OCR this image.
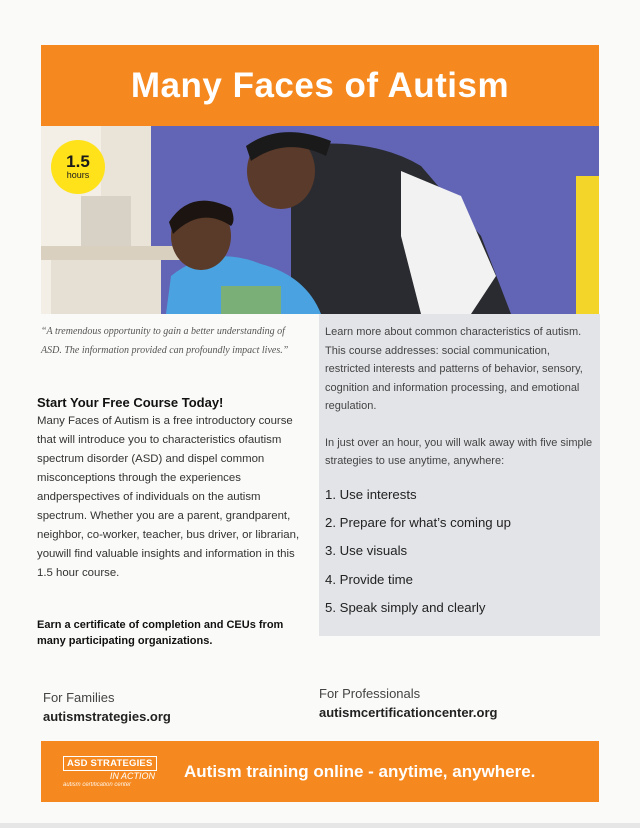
Many Faces of Autism
1.5
hours
“A tremendous opportunity to gain a better understanding of ASD. The information provided can profoundly impact lives.”
Start Your Free Course Today!

Many Faces of Autism is a free introductory course that will introduce you to characteristics ofautism spectrum disorder (ASD) and dispel common misconceptions through the experiences andperspectives of individuals on the autism spectrum. Whether you are a parent, grandparent, neighbor, co-worker, teacher, bus driver, or librarian, youwill find valuable insights and information in this 1.5 hour course.

Earn a certificate of completion and CEUs from many participating organizations.

Learn more about common characteristics of autism. This course addresses: social communication, restricted interests and patterns of behavior, sensory, cognition and information processing, and emotional regulation.

In just over an hour, you will walk away with five simple strategies to use anytime, anywhere:

1. Use interests
2. Prepare for what’s coming up
3. Use visuals
4. Provide time
5. Speak simply and clearly
For Families
autismstrategies.org
For Professionals
autismcertificationcenter.org
ASD STRATEGIES
IN ACTION
autism certification center
Autism training online - anytime, anywhere.
